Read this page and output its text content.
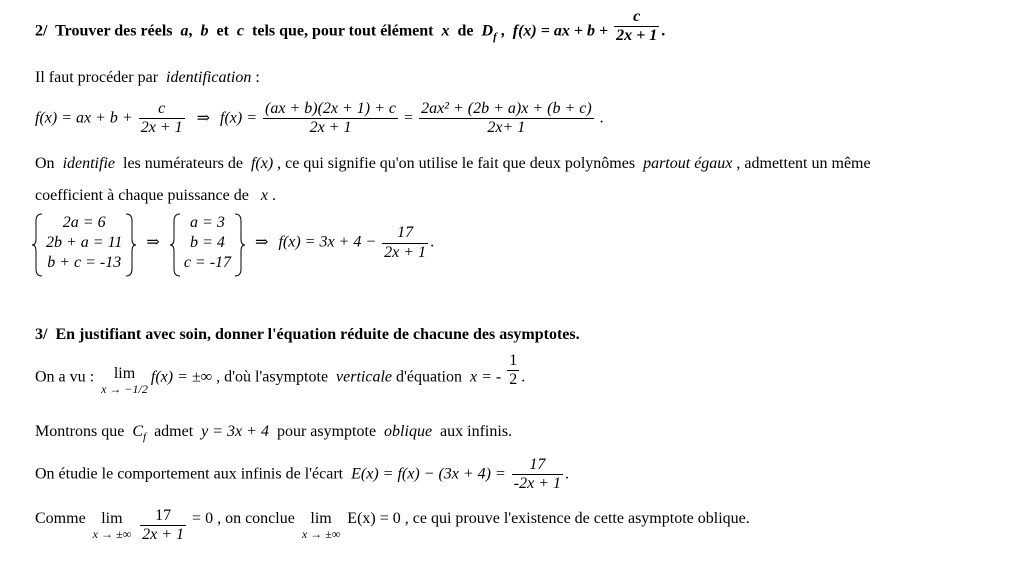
2/ Trouver des réels a, b et c tels que, pour tout élément x de $D_f$ , f(x) = ax + $b + \frac{c}{2x + 1}$ .
Il faut procéder par identification :
f(x) = ax + $b + \frac{c}{2x + 1}$ ⇒ $f(x) = \frac{(ax + b)(2x + 1) + c}{2x + 1} = \frac{\text{2ax² + (2b + a)x + (b + c)}}{2x+ 1}$ .
On identifie les numérateurs de f(x) , ce qui signifie qu'on utilise le fait que deux polynômes partout égaux , admettent un même
coefficient à chaque puissance de x .
2a = 6
2b + a = 11
b + c = -13
⇒
a = 3
b = 4
c = -17
⇒ $f(x) = 3x + 4 - \frac{17}{2x + 1}$ .
3/ En justifiant avec soin, donner l'équation réduite de chacune des asymptotes.
On a vu :	lim
x → −1/2
f(x) = ±∞ , d'où l'asymptote verticale d'équation x = - $\frac{1}{2}$ .
Montrons que $C_f$ admet y = 3x + 4 pour asymptote oblique aux infinis.
On étudie le comportement aux infinis de l'écart $E(x) = f(x) - (3x + 4) = \frac{17}{-2x + 1}$ .
Comme lim
x → ±∞
$\frac{17}{2x + 1} = 0$ , on conclue lim
x → ±∞
E(x) = 0 , ce qui prouve l'existence de cette asymptote oblique.
